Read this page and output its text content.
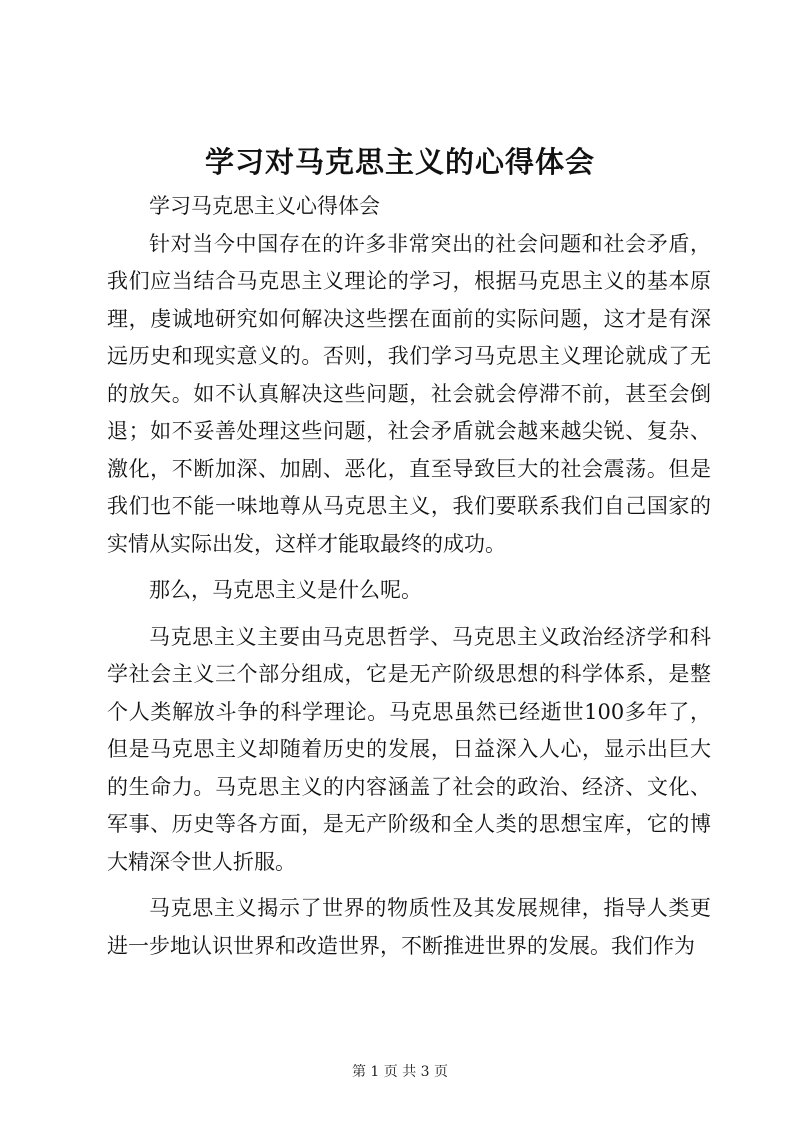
学习对马克思主义的心得体会

学习马克思主义心得体会

针对当今中国存在的许多非常突出的社会问题和社会矛盾，我们应当结合马克思主义理论的学习，根据马克思主义的基本原理，虔诚地研究如何解决这些摆在面前的实际问题，这才是有深远历史和现实意义的。否则，我们学习马克思主义理论就成了无的放矢。如不认真解决这些问题，社会就会停滞不前，甚至会倒退；如不妥善处理这些问题，社会矛盾就会越来越尖锐、复杂、激化，不断加深、加剧、恶化，直至导致巨大的社会震荡。但是我们也不能一味地尊从马克思主义，我们要联系我们自己国家的实情从实际出发，这样才能取最终的成功。

那么，马克思主义是什么呢。

马克思主义主要由马克思哲学、马克思主义政治经济学和科学社会主义三个部分组成，它是无产阶级思想的科学体系，是整个人类解放斗争的科学理论。马克思虽然已经逝世100多年了，但是马克思主义却随着历史的发展，日益深入人心，显示出巨大的生命力。马克思主义的内容涵盖了社会的政治、经济、文化、军事、历史等各方面，是无产阶级和全人类的思想宝库，它的博大精深令世人折服。

马克思主义揭示了世界的物质性及其发展规律，指导人类更进一步地认识世界和改造世界，不断推进世界的发展。我们作为

第 1 页 共 3 页
